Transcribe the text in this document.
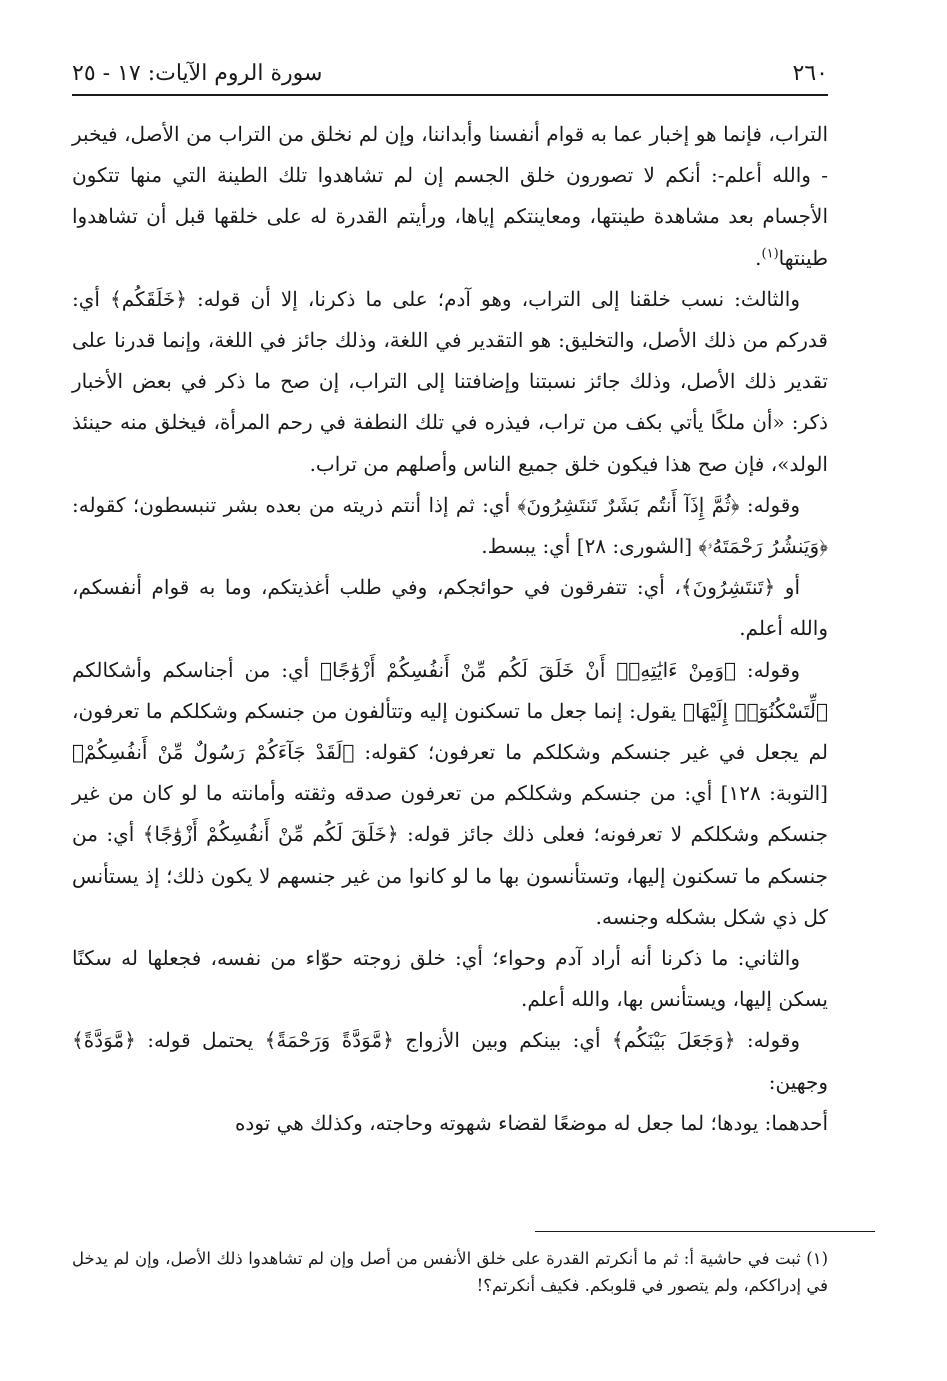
٢٦٠
سورة الروم الآيات: ١٧ - ٢٥

التراب، فإنما هو إخبار عما به قوام أنفسنا وأبداننا، وإن لم نخلق من التراب من الأصل، فيخبر - والله أعلم-: أنكم لا تصورون خلق الجسم إن لم تشاهدوا تلك الطينة التي منها تتكون الأجسام بعد مشاهدة طينتها، ومعاينتكم إياها، ورأيتم القدرة له على خلقها قبل أن تشاهدوا طينتها$^{(١)}$.

والثالث: نسب خلقنا إلى التراب، وهو آدم؛ على ما ذكرنا، إلا أن قوله: ﴿خَلَقَكُم﴾ أي: قدركم من ذلك الأصل، والتخليق: هو التقدير في اللغة، وذلك جائز في اللغة، وإنما قدرنا على تقدير ذلك الأصل، وذلك جائز نسبتنا وإضافتنا إلى التراب، إن صح ما ذكر في بعض الأخبار ذكر: «أن ملكًا يأتي بكف من تراب، فيذره في تلك النطفة في رحم المرأة، فيخلق منه حينئذ الولد»، فإن صح هذا فيكون خلق جميع الناس وأصلهم من تراب.

وقوله: ﴿ثُمَّ إِذَآ أَنتُم بَشَرٌ تَنتَشِرُونَ﴾ أي: ثم إذا أنتم ذريته من بعده بشر تنبسطون؛ كقوله: ﴿وَيَنشُرُ رَحْمَتَهُۥ﴾ [الشورى: ٢٨] أي: يبسط.

أو ﴿تَنتَشِرُونَ﴾، أي: تتفرقون في حوائجكم، وفي طلب أغذيتكم، وما به قوام أنفسكم، والله أعلم.

وقوله: ﴿وَمِنْ ءَايَٰتِهِۦٓ أَنْ خَلَقَ لَكُم مِّنْ أَنفُسِكُمْ أَزْوَٰجًا﴾ أي: من أجناسكم وأشكالكم ﴿لِّتَسْكُنُوٓا۟ إِلَيْهَا﴾ يقول: إنما جعل ما تسكنون إليه وتتألفون من جنسكم وشكلكم ما تعرفون، لم يجعل في غير جنسكم وشكلكم ما تعرفون؛ كقوله: ﴿لَقَدْ جَآءَكُمْ رَسُولٌ مِّنْ أَنفُسِكُمْ﴾ [التوبة: ١٢٨] أي: من جنسكم وشكلكم من تعرفون صدقه وثقته وأمانته ما لو كان من غير جنسكم وشكلكم لا تعرفونه؛ فعلى ذلك جائز قوله: ﴿خَلَقَ لَكُم مِّنْ أَنفُسِكُمْ أَزْوَٰجًا﴾ أي: من جنسكم ما تسكنون إليها، وتستأنسون بها ما لو كانوا من غير جنسهم لا يكون ذلك؛ إذ يستأنس كل ذي شكل بشكله وجنسه.

والثاني: ما ذكرنا أنه أراد آدم وحواء؛ أي: خلق زوجته حوّاء من نفسه، فجعلها له سكنًا يسكن إليها، ويستأنس بها، والله أعلم.

وقوله: ﴿وَجَعَلَ بَيْنَكُم﴾ أي: بينكم وبين الأزواج ﴿مَّوَدَّةً وَرَحْمَةً﴾ يحتمل قوله: ﴿مَّوَدَّةً﴾ وجهين:

أحدهما: يودها؛ لما جعل له موضعًا لقضاء شهوته وحاجته، وكذلك هي توده

(١) ثبت في حاشية أ: ثم ما أنكرتم القدرة على خلق الأنفس من أصل وإن لم تشاهدوا ذلك الأصل، وإن لم يدخل في إدراككم، ولم يتصور في قلوبكم. فكيف أنكرتم؟!
